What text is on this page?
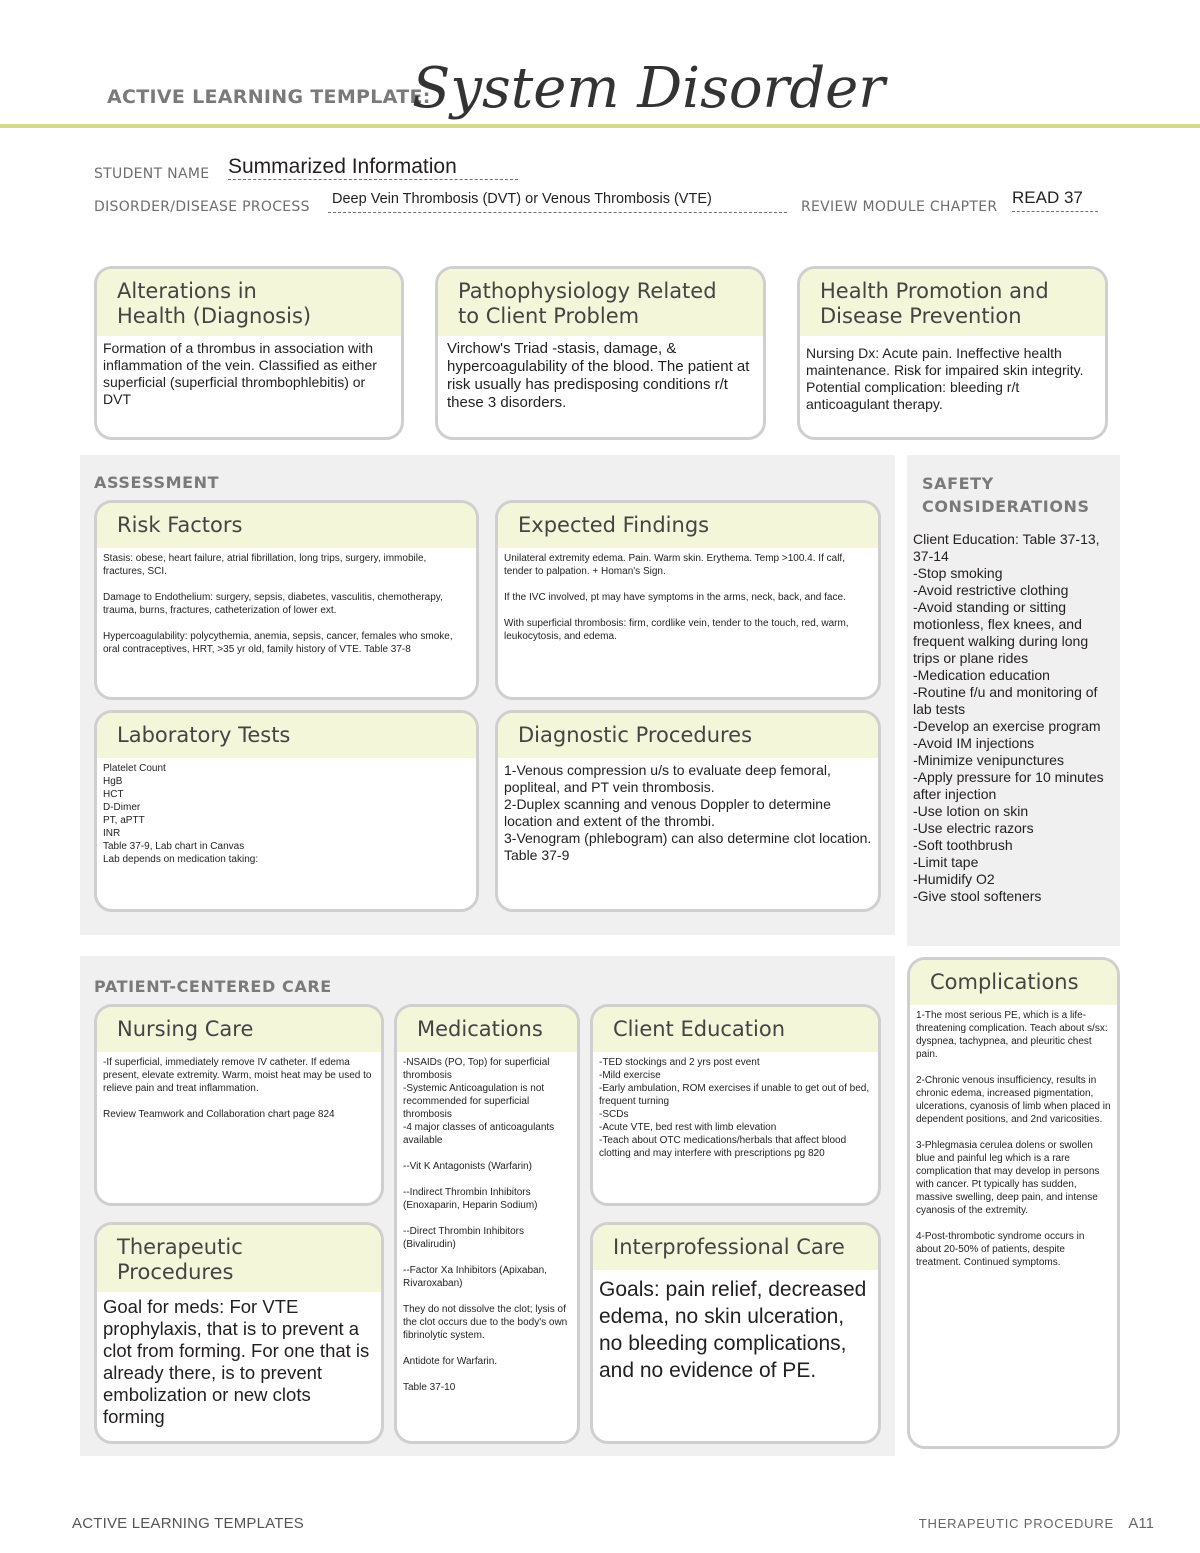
ACTIVE LEARNING TEMPLATE:
System Disorder
STUDENT NAME Summarized Information
DISORDER/DISEASE PROCESS Deep Vein Thrombosis (DVT) or Venous Thrombosis (VTE)	REVIEW MODULE CHAPTER READ 37
Alterations in
Health (Diagnosis)
Formation of a thrombus in association with inflammation of the vein. Classified as either superficial (superficial thrombophlebitis) or DVT
Pathophysiology Related
to Client Problem
Virchow's Triad -stasis, damage, & hypercoagulability of the blood. The patient at risk usually has predisposing conditions r/t these 3 disorders.
Health Promotion and
Disease Prevention
Nursing Dx: Acute pain. Ineffective health maintenance. Risk for impaired skin integrity. Potential complication: bleeding r/t anticoagulant therapy.
ASSESSMENT
Risk Factors
Stasis: obese, heart failure, atrial fibrillation, long trips, surgery, immobile, fractures, SCI.

Damage to Endothelium: surgery, sepsis, diabetes, vasculitis, chemotherapy, trauma, burns, fractures, catheterization of lower ext.

Hypercoagulability: polycythemia, anemia, sepsis, cancer, females who smoke, oral contraceptives, HRT, >35 yr old, family history of VTE. Table 37-8
Expected Findings
Unilateral extremity edema. Pain. Warm skin. Erythema. Temp >100.4. If calf, tender to palpation. + Homan's Sign.

If the IVC involved, pt may have symptoms in the arms, neck, back, and face.

With superficial thrombosis: firm, cordlike vein, tender to the touch, red, warm, leukocytosis, and edema.
Laboratory Tests
Platelet Count
HgB
HCT
D-Dimer
PT, aPTT
INR
Table 37-9, Lab chart in Canvas
Lab depends on medication taking:
Diagnostic Procedures
1-Venous compression u/s to evaluate deep femoral, popliteal, and PT vein thrombosis.
2-Duplex scanning and venous Doppler to determine location and extent of the thrombi.
3-Venogram (phlebogram) can also determine clot location.
Table 37-9
SAFETY
CONSIDERATIONS
Client Education: Table 37-13, 37-14
-Stop smoking
-Avoid restrictive clothing
-Avoid standing or sitting motionless, flex knees, and frequent walking during long trips or plane rides
-Medication education
-Routine f/u and monitoring of lab tests
-Develop an exercise program
-Avoid IM injections
-Minimize venipunctures
-Apply pressure for 10 minutes after injection
-Use lotion on skin
-Use electric razors
-Soft toothbrush
-Limit tape
-Humidify O2
-Give stool softeners
PATIENT-CENTERED CARE
Nursing Care
-If superficial, immediately remove IV catheter. If edema present, elevate extremity. Warm, moist heat may be used to relieve pain and treat inflammation.

Review Teamwork and Collaboration chart page 824
Medications
-NSAIDs (PO, Top) for superficial thrombosis
-Systemic Anticoagulation is not recommended for superficial thrombosis
-4 major classes of anticoagulants available

--Vit K Antagonists (Warfarin)

--Indirect Thrombin Inhibitors (Enoxaparin, Heparin Sodium)

--Direct Thrombin Inhibitors (Bivalirudin)

--Factor Xa Inhibitors (Apixaban, Rivaroxaban)

They do not dissolve the clot; lysis of the clot occurs due to the body's own fibrinolytic system.

Antidote for Warfarin.

Table 37-10
Client Education
-TED stockings and 2 yrs post event
-Mild exercise
-Early ambulation, ROM exercises if unable to get out of bed, frequent turning
-SCDs
-Acute VTE, bed rest with limb elevation
-Teach about OTC medications/herbals that affect blood clotting and may interfere with prescriptions pg 820
Therapeutic Procedures
Goal for meds: For VTE prophylaxis, that is to prevent a clot from forming. For one that is already there, is to prevent embolization or new clots forming
Interprofessional Care
Goals: pain relief, decreased edema, no skin ulceration, no bleeding complications, and no evidence of PE.
Complications
1-The most serious PE, which is a life-threatening complication. Teach about s/sx: dyspnea, tachypnea, and pleuritic chest pain.

2-Chronic venous insufficiency, results in chronic edema, increased pigmentation, ulcerations, cyanosis of limb when placed in dependent positions, and 2nd varicosities.

3-Phlegmasia cerulea dolens or swollen blue and painful leg which is a rare complication that may develop in persons with cancer. Pt typically has sudden, massive swelling, deep pain, and intense cyanosis of the extremity.

4-Post-thrombotic syndrome occurs in about 20-50% of patients, despite treatment. Continued symptoms.
ACTIVE LEARNING TEMPLATES	THERAPEUTIC PROCEDURE A11
